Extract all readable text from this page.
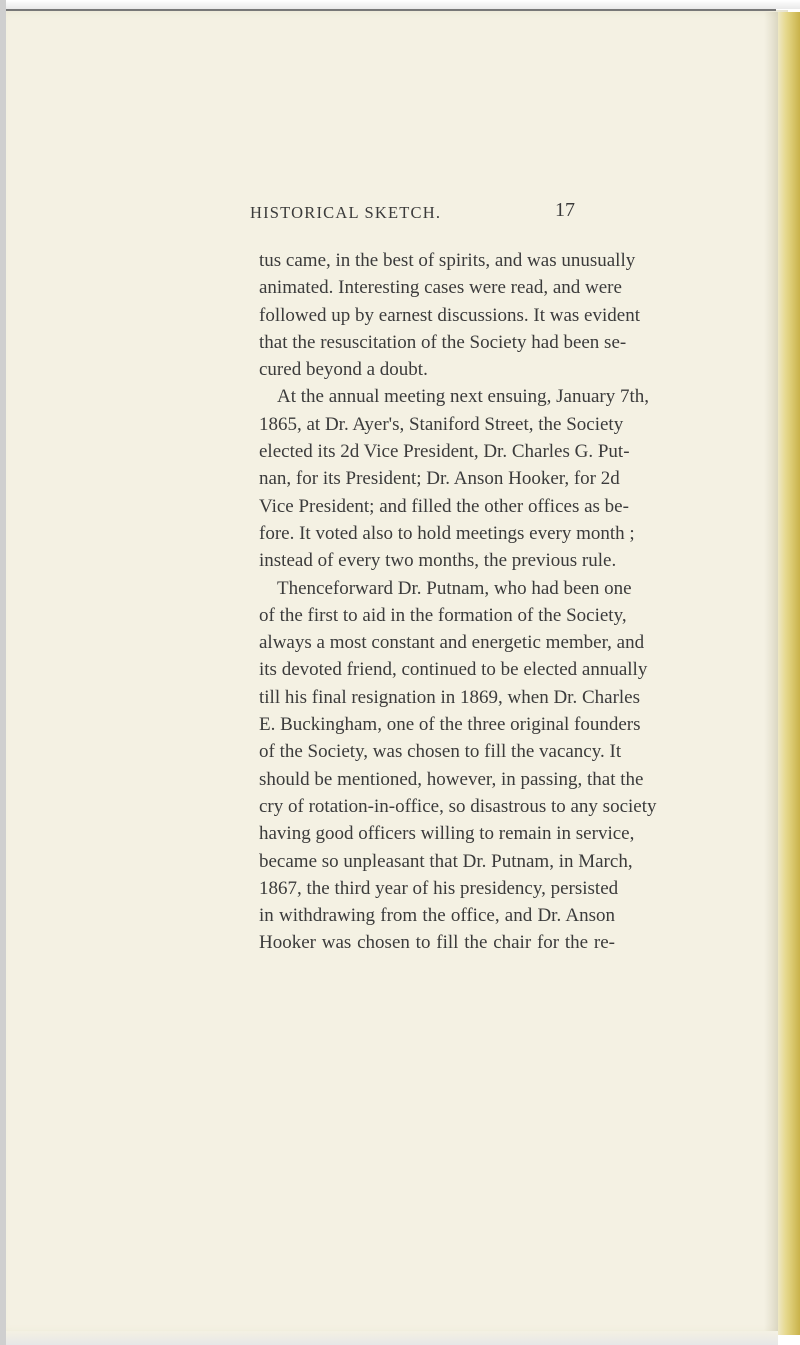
HISTORICAL SKETCH.	17
tus came, in the best of spirits, and was unusually
animated. Interesting cases were read, and were
followed up by earnest discussions. It was evident
that the resuscitation of the Society had been se-
cured beyond a doubt.
At the annual meeting next ensuing, January 7th,
1865, at Dr. Ayer's, Staniford Street, the Society
elected its 2d Vice President, Dr. Charles G. Put-
nan, for its President; Dr. Anson Hooker, for 2d
Vice President; and filled the other offices as be-
fore. It voted also to hold meetings every month ;
instead of every two months, the previous rule.
Thenceforward Dr. Putnam, who had been one
of the first to aid in the formation of the Society,
always a most constant and energetic member, and
its devoted friend, continued to be elected annually
till his final resignation in 1869, when Dr. Charles
E. Buckingham, one of the three original founders
of the Society, was chosen to fill the vacancy. It
should be mentioned, however, in passing, that the
cry of rotation-in-office, so disastrous to any society
having good officers willing to remain in service,
became so unpleasant that Dr. Putnam, in March,
1867, the third year of his presidency, persisted
in withdrawing from the office, and Dr. Anson
Hooker was chosen to fill the chair for the re-
